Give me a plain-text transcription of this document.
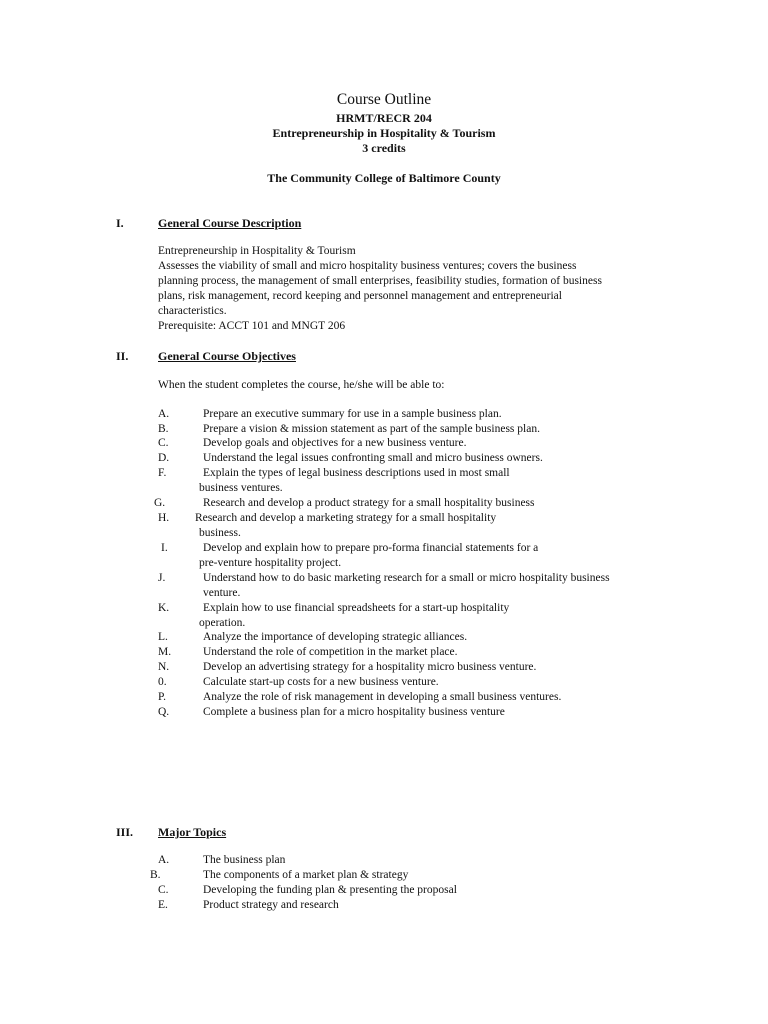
Course Outline
HRMT/RECR 204
Entrepreneurship in Hospitality & Tourism
3 credits
The Community College of Baltimore County
I.	General Course Description
Entrepreneurship in Hospitality & Tourism
Assesses the viability of small and micro hospitality business ventures; covers the business
planning process, the management of small enterprises, feasibility studies, formation of business
plans, risk management, record keeping and personnel management and entrepreneurial
characteristics.
Prerequisite: ACCT 101 and MNGT 206
II. General Course Objectives
When the student completes the course, he/she will be able to:
A.	Prepare an executive summary for use in a sample business plan.
B.	Prepare a vision & mission statement as part of the sample business plan.
C.	Develop goals and objectives for a new business venture.
D.	Understand the legal issues confronting small and micro business owners.
F.	Explain the types of legal business descriptions used in most small
business ventures.
G.	Research and develop a product strategy for a small hospitality business
H. Research and develop a marketing strategy for a small hospitality
business.
I.	Develop and explain how to prepare pro-forma financial statements for a
pre-venture hospitality project.
J.	Understand how to do basic marketing research for a small or micro hospitality business
venture.
K.	Explain how to use financial spreadsheets for a start-up hospitality
operation.
L.	Analyze the importance of developing strategic alliances.
M.	Understand the role of competition in the market place.
N.	Develop an advertising strategy for a hospitality micro business venture.
0.	Calculate start-up costs for a new business venture.
P.	Analyze the role of risk management in developing a small business ventures.
Q.	Complete a business plan for a micro hospitality business venture
III. Major Topics
A.	The business plan
B.	The components of a market plan & strategy
C.	Developing the funding plan & presenting the proposal
E.	Product strategy and research
